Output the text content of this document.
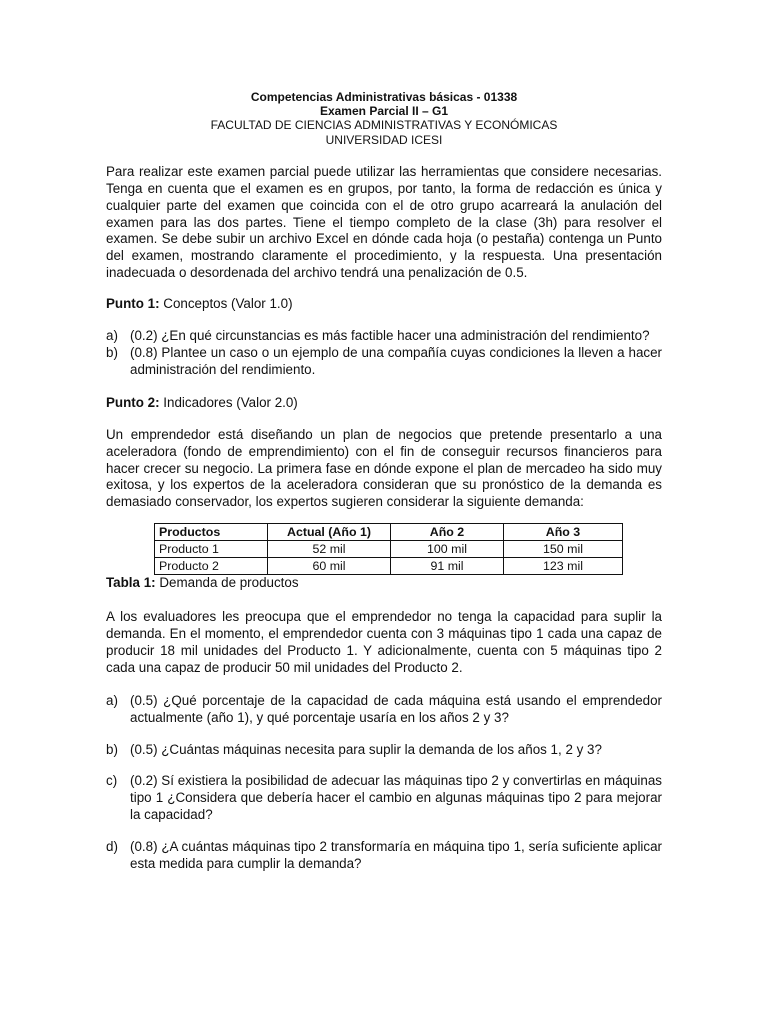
Competencias Administrativas básicas - 01338
Examen Parcial II – G1
FACULTAD DE CIENCIAS ADMINISTRATIVAS Y ECONÓMICAS
UNIVERSIDAD ICESI
Para realizar este examen parcial puede utilizar las herramientas que considere necesarias. Tenga en cuenta que el examen es en grupos, por tanto, la forma de redacción es única y cualquier parte del examen que coincida con el de otro grupo acarreará la anulación del examen para las dos partes. Tiene el tiempo completo de la clase (3h) para resolver el examen. Se debe subir un archivo Excel en dónde cada hoja (o pestaña) contenga un Punto del examen, mostrando claramente el procedimiento, y la respuesta. Una presentación inadecuada o desordenada del archivo tendrá una penalización de 0.5.
Punto 1: Conceptos (Valor 1.0)
a) (0.2) ¿En qué circunstancias es más factible hacer una administración del rendimiento?
b) (0.8) Plantee un caso o un ejemplo de una compañía cuyas condiciones la lleven a hacer administración del rendimiento.
Punto 2: Indicadores (Valor 2.0)
Un emprendedor está diseñando un plan de negocios que pretende presentarlo a una aceleradora (fondo de emprendimiento) con el fin de conseguir recursos financieros para hacer crecer su negocio. La primera fase en dónde expone el plan de mercadeo ha sido muy exitosa, y los expertos de la aceleradora consideran que su pronóstico de la demanda es demasiado conservador, los expertos sugieren considerar la siguiente demanda:
Productos	Actual (Año 1)	Año 2	Año 3
Producto 1	52 mil	100 mil	150 mil
Producto 2	60 mil	91 mil	123 mil
Tabla 1: Demanda de productos
A los evaluadores les preocupa que el emprendedor no tenga la capacidad para suplir la demanda. En el momento, el emprendedor cuenta con 3 máquinas tipo 1 cada una capaz de producir 18 mil unidades del Producto 1. Y adicionalmente, cuenta con 5 máquinas tipo 2 cada una capaz de producir 50 mil unidades del Producto 2.
a) (0.5) ¿Qué porcentaje de la capacidad de cada máquina está usando el emprendedor actualmente (año 1), y qué porcentaje usaría en los años 2 y 3?
b) (0.5) ¿Cuántas máquinas necesita para suplir la demanda de los años 1, 2 y 3?
c) (0.2) Sí existiera la posibilidad de adecuar las máquinas tipo 2 y convertirlas en máquinas tipo 1 ¿Considera que debería hacer el cambio en algunas máquinas tipo 2 para mejorar la capacidad?
d) (0.8) ¿A cuántas máquinas tipo 2 transformaría en máquina tipo 1, sería suficiente aplicar esta medida para cumplir la demanda?
